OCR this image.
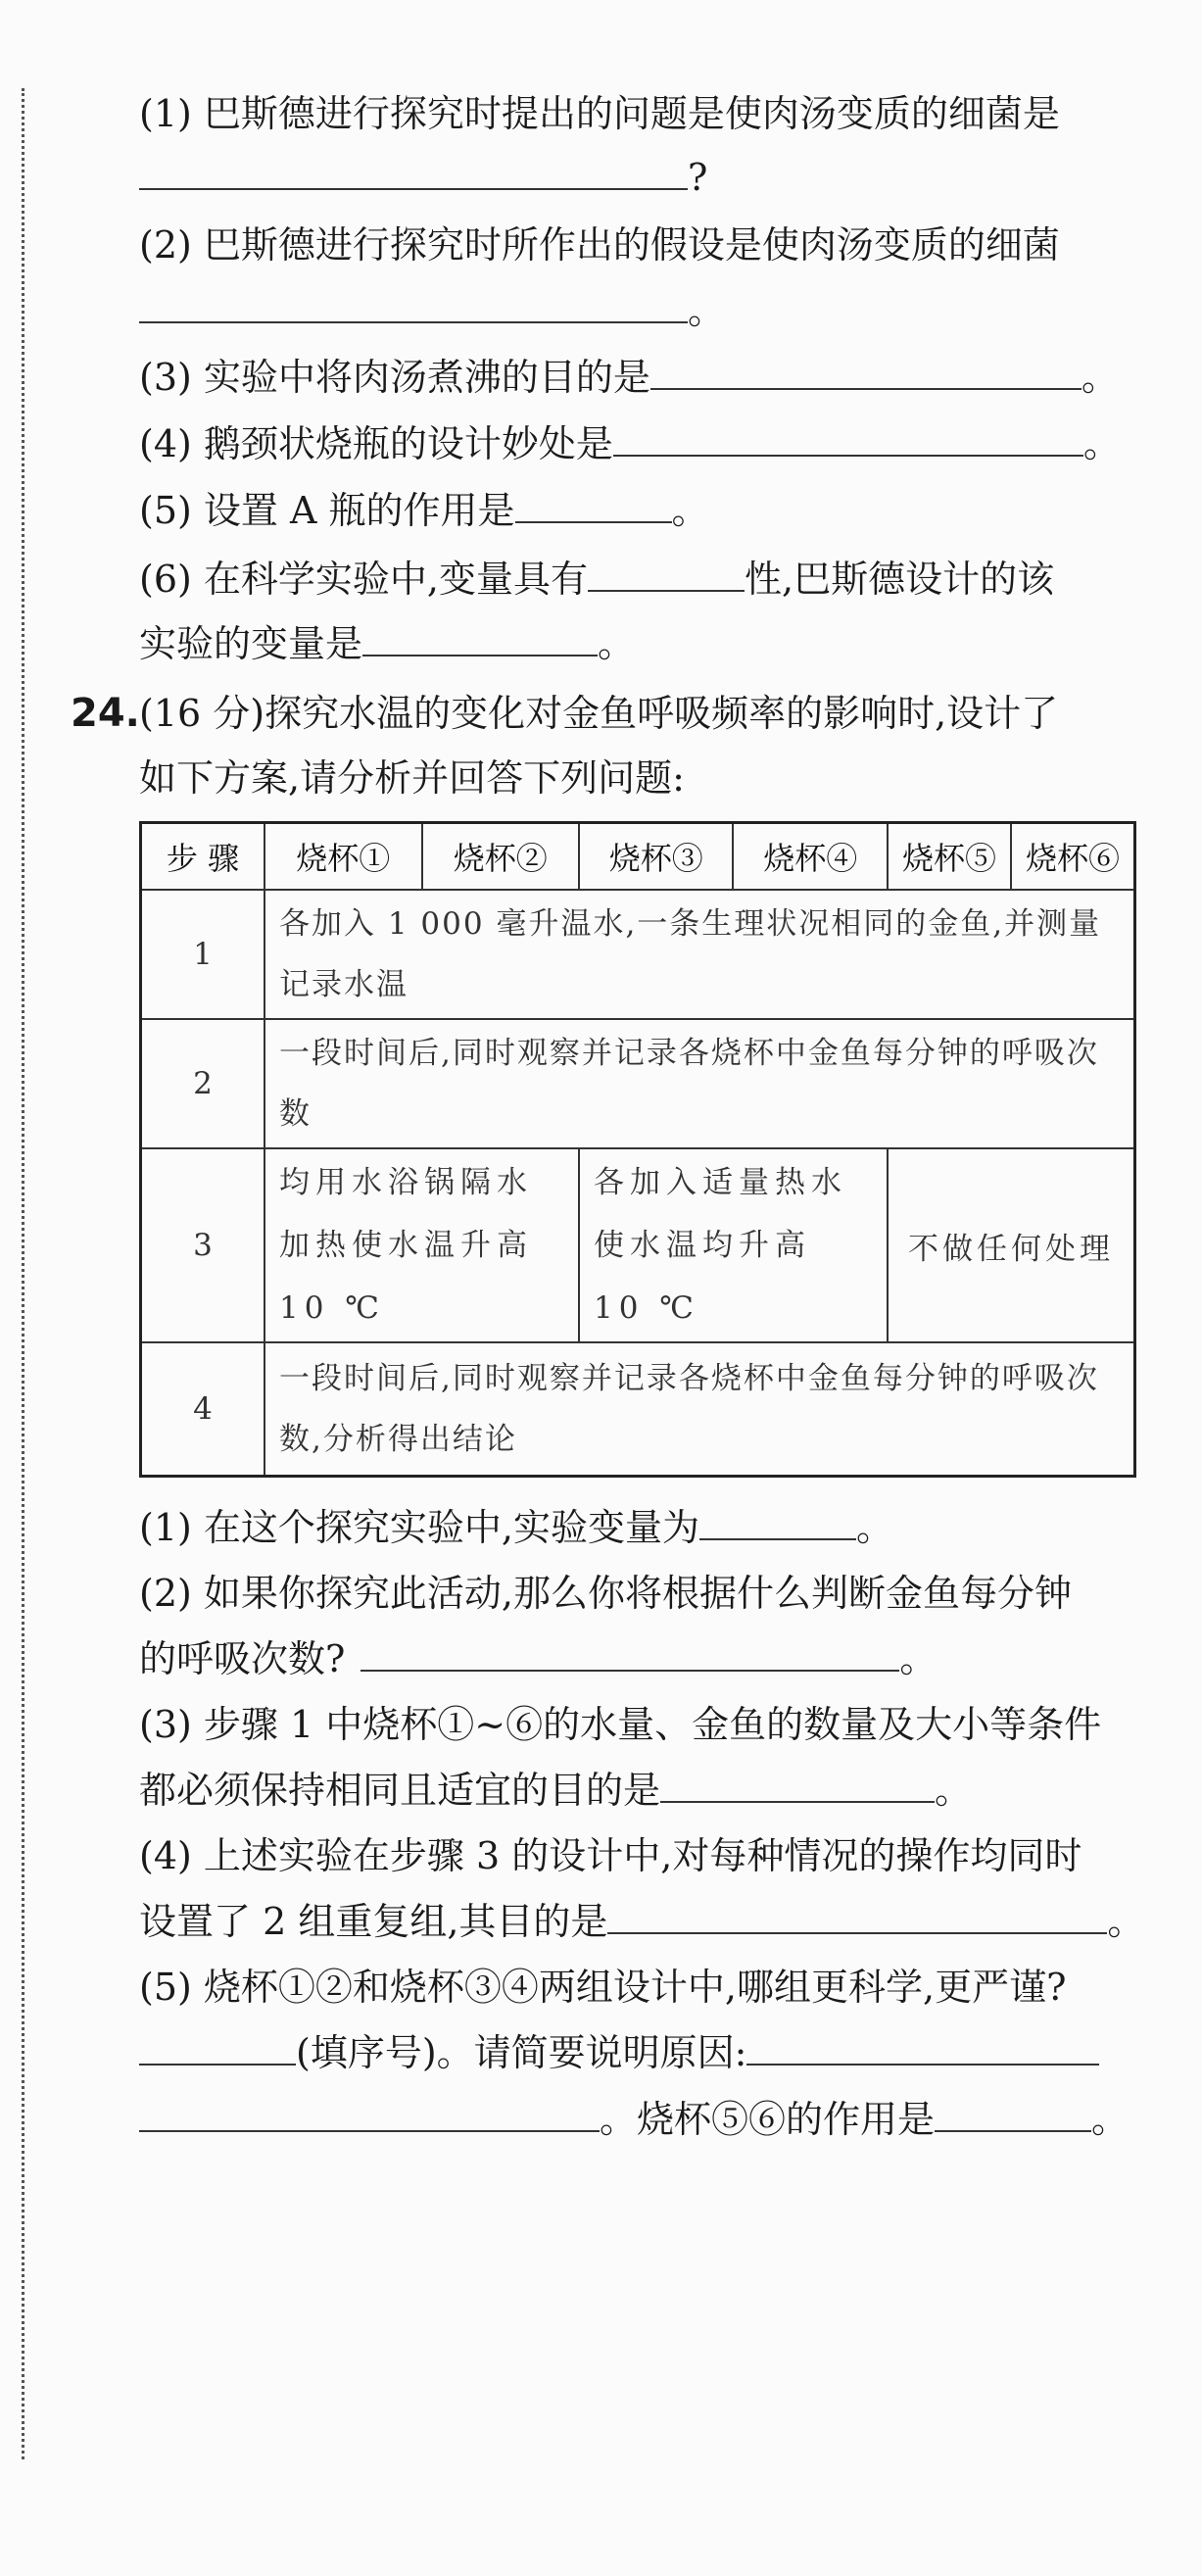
(1) 巴斯德进行探究时提出的问题是使肉汤变质的细菌是
?
(2) 巴斯德进行探究时所作出的假设是使肉汤变质的细菌
。
(3) 实验中将肉汤煮沸的目的是	。
(4) 鹅颈状烧瓶的设计妙处是	。
(5) 设置 A 瓶的作用是	。
(6) 在科学实验中,变量具有	性,巴斯德设计的该
实验的变量是	。
24. (16 分)探究水温的变化对金鱼呼吸频率的影响时,设计了
如下方案,请分析并回答下列问题:
步 骤	烧杯①	烧杯②	烧杯③	烧杯④	烧杯⑤	烧杯⑥
1	各加入 1 000 毫升温水,一条生理状况相同的金鱼,并测量记录水温					
2	一段时间后,同时观察并记录各烧杯中金鱼每分钟的呼吸次数					
3	均用水浴锅隔水加热使水温升高 10 ℃		各加入适量热水使水温均升高 10 ℃		不做任何处理	
4	一段时间后,同时观察并记录各烧杯中金鱼每分钟的呼吸次数,分析得出结论					
(1) 在这个探究实验中,实验变量为	。
(2) 如果你探究此活动,那么你将根据什么判断金鱼每分钟
的呼吸次数?	。
(3) 步骤 1 中烧杯①~⑥的水量、金鱼的数量及大小等条件
都必须保持相同且适宜的目的是	。
(4) 上述实验在步骤 3 的设计中,对每种情况的操作均同时
设置了 2 组重复组,其目的是	。
(5) 烧杯①②和烧杯③④两组设计中,哪组更科学,更严谨?
(填序号)。请简要说明原因:
。烧杯⑤⑥的作用是	。
